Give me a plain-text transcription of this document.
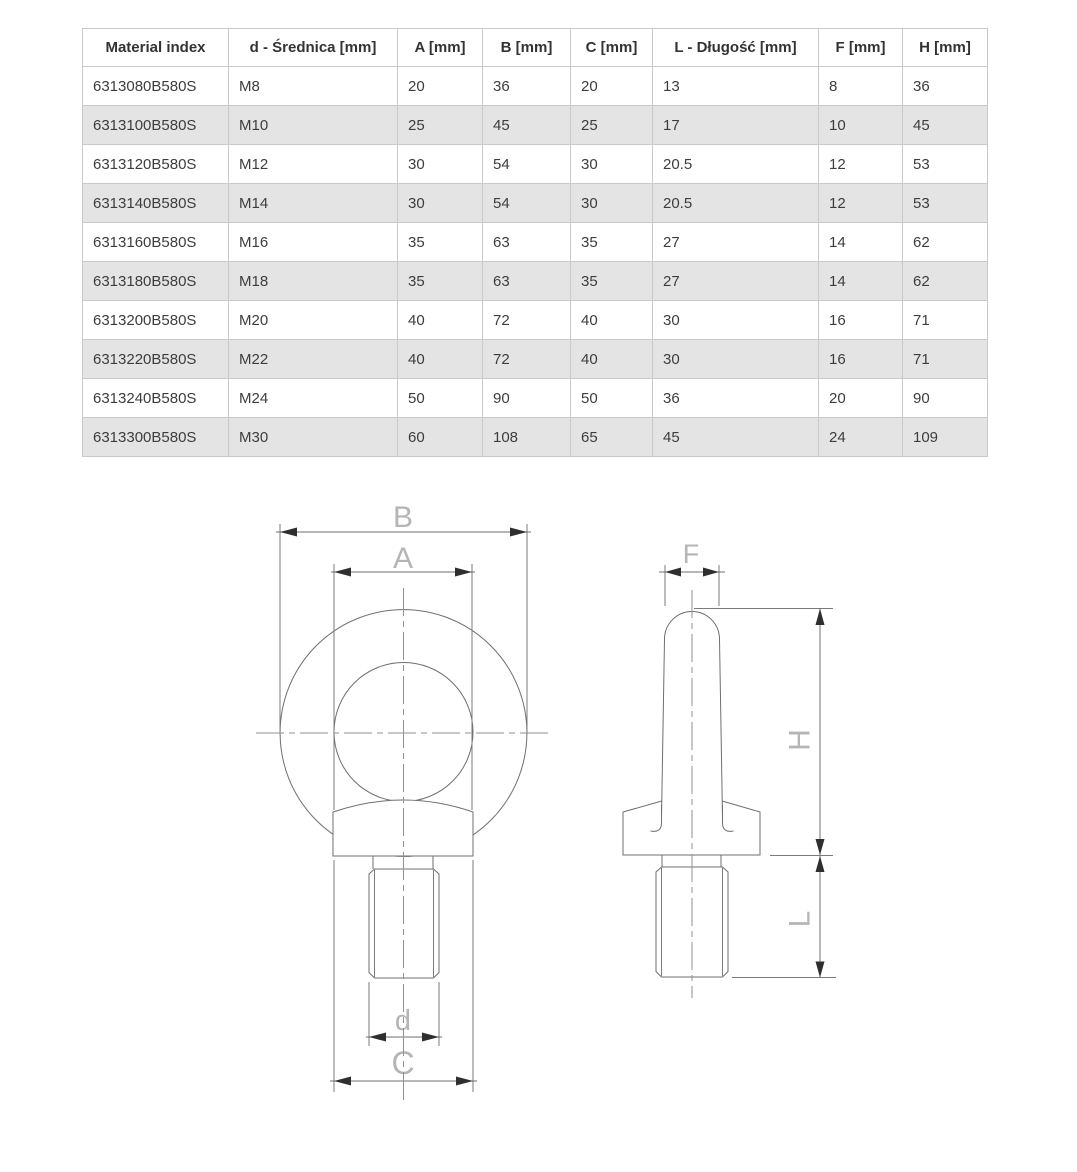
Material index	d - Średnica [mm]	A [mm]	B [mm]	C [mm]	L - Długość [mm]	F [mm]	H [mm]
6313080B580S	M8	20	36	20	13	8	36
6313100B580S	M10	25	45	25	17	10	45
6313120B580S	M12	30	54	30	20.5	12	53
6313140B580S	M14	30	54	30	20.5	12	53
6313160B580S	M16	35	63	35	27	14	62
6313180B580S	M18	35	63	35	27	14	62
6313200B580S	M20	40	72	40	30	16	71
6313220B580S	M22	40	72	40	30	16	71
6313240B580S	M24	50	90	50	36	20	90
6313300B580S	M30	60	108	65	45	24	109
B
A
d
C
F
H
L
